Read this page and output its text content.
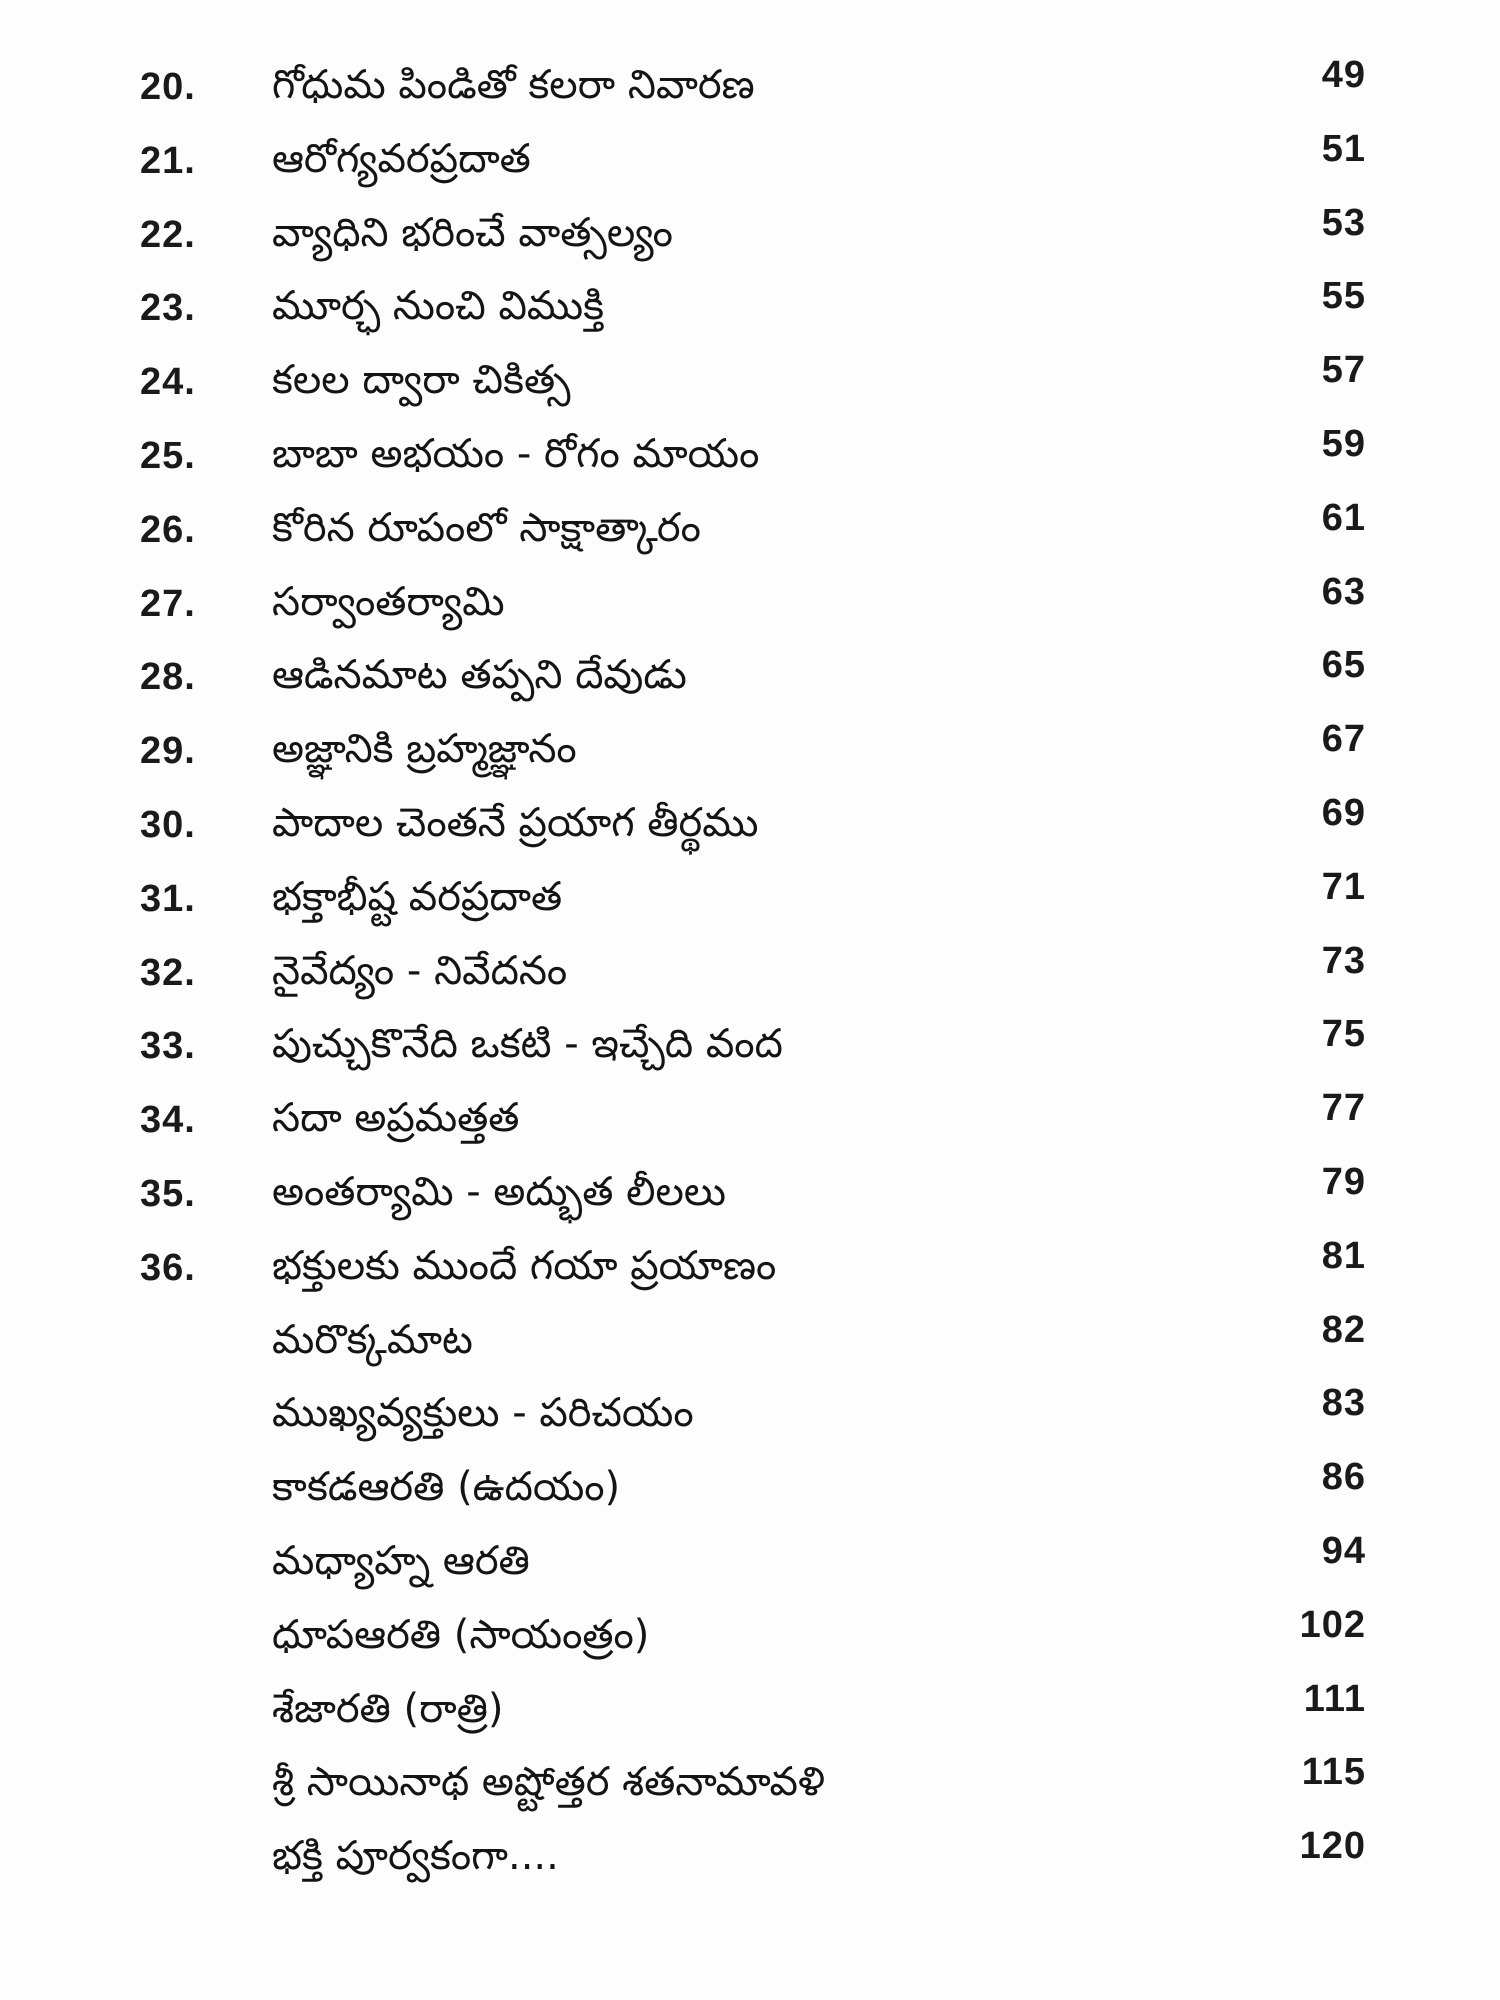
20. గోధుమ పిండితో కలరా నివారణ	49
21. ఆరోగ్యవరప్రదాత	51
22. వ్యాధిని భరించే వాత్సల్యం	53
23. మూర్ఛ నుంచి విముక్తి	55
24. కలల ద్వారా చికిత్స	57
25. బాబా అభయం - రోగం మాయం	59
26. కోరిన రూపంలో సాక్షాత్కారం	61
27. సర్వాంతర్యామి	63
28. ఆడినమాట తప్పని దేవుడు	65
29. అజ్ఞానికి బ్రహ్మజ్ఞానం	67
30. పాదాల చెంతనే ప్రయాగ తీర్థము	69
31. భక్తాభీష్ట వరప్రదాత	71
32. నైవేద్యం - నివేదనం	73
33. పుచ్చుకొనేది ఒకటి - ఇచ్చేది వంద	75
34. సదా అప్రమత్తత	77
35. అంతర్యామి - అద్భుత లీలలు	79
36. భక్తులకు ముందే గయా ప్రయాణం	81
మరొక్కమాట	82
ముఖ్యవ్యక్తులు - పరిచయం	83
కాకడఆరతి (ఉదయం)	86
మధ్యాహ్న ఆరతి	94
ధూపఆరతి (సాయంత్రం)	102
శేజారతి (రాత్రి)	111
శ్రీ సాయినాథ అష్టోత్తర శతనామావళి	115
భక్తి పూర్వకంగా....	120
